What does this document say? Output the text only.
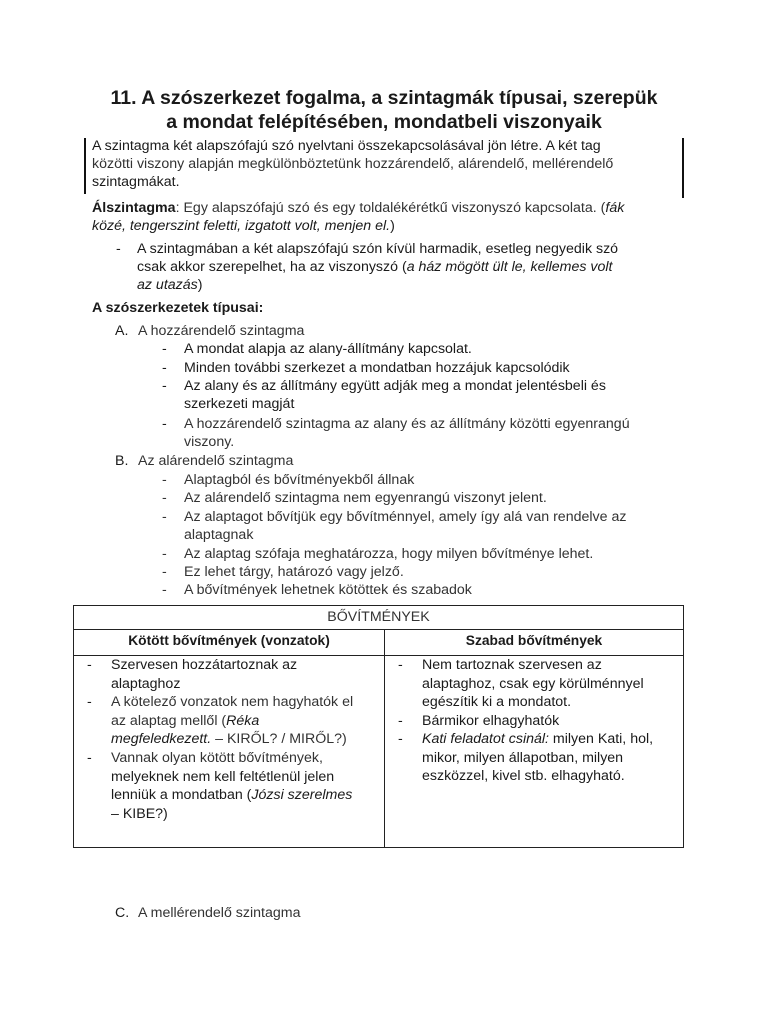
11. A szószerkezet fogalma, a szintagmák típusai, szerepük
a mondat felépítésében, mondatbeli viszonyaik
A szintagma két alapszófajú szó nyelvtani összekapcsolásával jön létre. A két tag
közötti viszony alapján megkülönböztetünk hozzárendelő, alárendelő, mellérendelő
szintagmákat.
Álszintagma: Egy alapszófajú szó és egy toldalékérétkű viszonyszó kapcsolata. (fák
közé, tengerszint feletti, izgatott volt, menjen el.)
- A szintagmában a két alapszófajú szón kívül harmadik, esetleg negyedik szó
csak akkor szerepelhet, ha az viszonyszó (a ház mögött ült le, kellemes volt
az utazás)
A szószerkezetek típusai:
A. A hozzárendelő szintagma
- A mondat alapja az alany-állítmány kapcsolat.
- Minden további szerkezet a mondatban hozzájuk kapcsolódik
- Az alany és az állítmány együtt adják meg a mondat jelentésbeli és
szerkezeti magját
- A hozzárendelő szintagma az alany és az állítmány közötti egyenrangú
viszony.
B. Az alárendelő szintagma
- Alaptagból és bővítményekből állnak
- Az alárendelő szintagma nem egyenrangú viszonyt jelent.
- Az alaptagot bővítjük egy bővítménnyel, amely így alá van rendelve az
alaptagnak
- Az alaptag szófaja meghatározza, hogy milyen bővítménye lehet.
- Ez lehet tárgy, határozó vagy jelző.
- A bővítmények lehetnek kötöttek és szabadok
BŐVÍTMÉNYEK
Kötött bővítmények (vonzatok)	Szabad bővítmények
- Szervesen hozzátartoznak az
alaptaghoz
- A kötelező vonzatok nem hagyhatók el
az alaptag mellől (Réka
megfeledkezett. – KIRŐL? / MIRŐL?)
- Vannak olyan kötött bővítmények,
melyeknek nem kell feltétlenül jelen
lenniük a mondatban (Józsi szerelmes
– KIBE?)
- Nem tartoznak szervesen az
alaptaghoz, csak egy körülménnyel
egészítik ki a mondatot.
- Bármikor elhagyhatók
- Kati feladatot csinál: milyen Kati, hol,
mikor, milyen állapotban, milyen
eszközzel, kivel stb. elhagyható.
C. A mellérendelő szintagma
